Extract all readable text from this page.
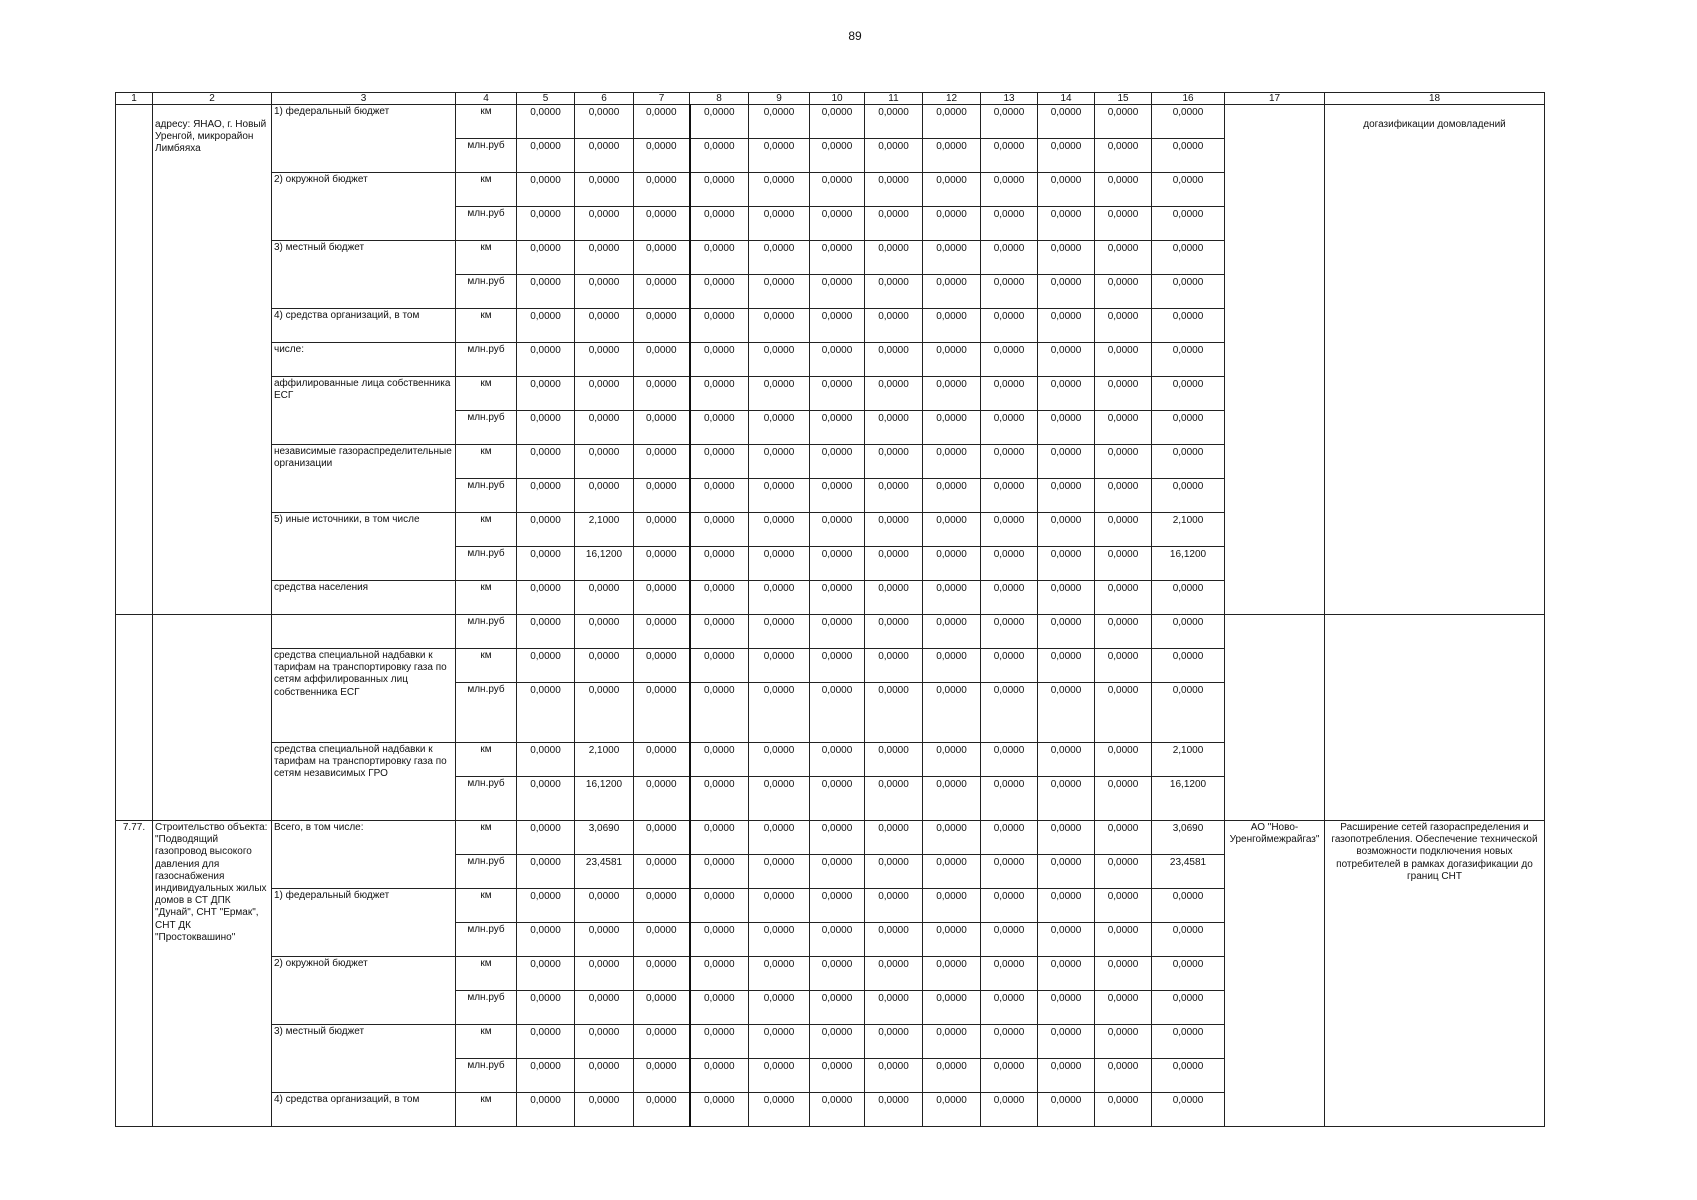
89
1	2	3	4	5	6	7	8	9	10	11	12	13	14	15	16	17	18
	адресу: ЯНАО, г. Новый Уренгой, микрорайон Лимбяяха	1) федеральный бюджет	км	0,0000	0,0000	0,0000	0,0000	0,0000	0,0000	0,0000	0,0000	0,0000	0,0000	0,0000	0,0000		догазификации домовладений
			млн.руб	0,0000	0,0000	0,0000	0,0000	0,0000	0,0000	0,0000	0,0000	0,0000	0,0000	0,0000	0,0000		
		2) окружной бюджет	км	0,0000	0,0000	0,0000	0,0000	0,0000	0,0000	0,0000	0,0000	0,0000	0,0000	0,0000	0,0000		
			млн.руб	0,0000	0,0000	0,0000	0,0000	0,0000	0,0000	0,0000	0,0000	0,0000	0,0000	0,0000	0,0000		
		3) местный бюджет	км	0,0000	0,0000	0,0000	0,0000	0,0000	0,0000	0,0000	0,0000	0,0000	0,0000	0,0000	0,0000		
			млн.руб	0,0000	0,0000	0,0000	0,0000	0,0000	0,0000	0,0000	0,0000	0,0000	0,0000	0,0000	0,0000		
		4) средства организаций, в том	км	0,0000	0,0000	0,0000	0,0000	0,0000	0,0000	0,0000	0,0000	0,0000	0,0000	0,0000	0,0000		
		числе:	млн.руб	0,0000	0,0000	0,0000	0,0000	0,0000	0,0000	0,0000	0,0000	0,0000	0,0000	0,0000	0,0000		
		аффилированные лица собственника ЕСГ	км	0,0000	0,0000	0,0000	0,0000	0,0000	0,0000	0,0000	0,0000	0,0000	0,0000	0,0000	0,0000		
			млн.руб	0,0000	0,0000	0,0000	0,0000	0,0000	0,0000	0,0000	0,0000	0,0000	0,0000	0,0000	0,0000		
		независимые газораспределительные организации	км	0,0000	0,0000	0,0000	0,0000	0,0000	0,0000	0,0000	0,0000	0,0000	0,0000	0,0000	0,0000		
			млн.руб	0,0000	0,0000	0,0000	0,0000	0,0000	0,0000	0,0000	0,0000	0,0000	0,0000	0,0000	0,0000		
		5) иные источники, в том числе	км	0,0000	2,1000	0,0000	0,0000	0,0000	0,0000	0,0000	0,0000	0,0000	0,0000	0,0000	2,1000		
			млн.руб	0,0000	16,1200	0,0000	0,0000	0,0000	0,0000	0,0000	0,0000	0,0000	0,0000	0,0000	16,1200		
		средства населения	км	0,0000	0,0000	0,0000	0,0000	0,0000	0,0000	0,0000	0,0000	0,0000	0,0000	0,0000	0,0000		
			млн.руб	0,0000	0,0000	0,0000	0,0000	0,0000	0,0000	0,0000	0,0000	0,0000	0,0000	0,0000	0,0000		
		средства специальной надбавки к тарифам на транспортировку газа по сетям аффилированных лиц собственника ЕСГ	км	0,0000	0,0000	0,0000	0,0000	0,0000	0,0000	0,0000	0,0000	0,0000	0,0000	0,0000	0,0000		
			млн.руб	0,0000	0,0000	0,0000	0,0000	0,0000	0,0000	0,0000	0,0000	0,0000	0,0000	0,0000	0,0000		
		средства специальной надбавки к тарифам на транспортировку газа по сетям независимых ГРО	км	0,0000	2,1000	0,0000	0,0000	0,0000	0,0000	0,0000	0,0000	0,0000	0,0000	0,0000	2,1000		
			млн.руб	0,0000	16,1200	0,0000	0,0000	0,0000	0,0000	0,0000	0,0000	0,0000	0,0000	0,0000	16,1200		
7.77.	Строительство объекта: "Подводящий газопровод высокого давления для газоснабжения индивидуальных жилых домов в СТ ДПК "Дунай", СНТ "Ермак", СНТ ДК "Простоквашино"	Всего, в том числе:	км	0,0000	3,0690	0,0000	0,0000	0,0000	0,0000	0,0000	0,0000	0,0000	0,0000	0,0000	3,0690	АО "Ново-Уренгоймежрайгаз"	Расширение сетей газораспределения и газопотребления. Обеспечение технической возможности подключения новых потребителей в рамках догазификации до границ СНТ
			млн.руб	0,0000	23,4581	0,0000	0,0000	0,0000	0,0000	0,0000	0,0000	0,0000	0,0000	0,0000	23,4581		
		1) федеральный бюджет	км	0,0000	0,0000	0,0000	0,0000	0,0000	0,0000	0,0000	0,0000	0,0000	0,0000	0,0000	0,0000		
			млн.руб	0,0000	0,0000	0,0000	0,0000	0,0000	0,0000	0,0000	0,0000	0,0000	0,0000	0,0000	0,0000		
		2) окружной бюджет	км	0,0000	0,0000	0,0000	0,0000	0,0000	0,0000	0,0000	0,0000	0,0000	0,0000	0,0000	0,0000		
			млн.руб	0,0000	0,0000	0,0000	0,0000	0,0000	0,0000	0,0000	0,0000	0,0000	0,0000	0,0000	0,0000		
		3) местный бюджет	км	0,0000	0,0000	0,0000	0,0000	0,0000	0,0000	0,0000	0,0000	0,0000	0,0000	0,0000	0,0000		
			млн.руб	0,0000	0,0000	0,0000	0,0000	0,0000	0,0000	0,0000	0,0000	0,0000	0,0000	0,0000	0,0000		
		4) средства организаций, в том	км	0,0000	0,0000	0,0000	0,0000	0,0000	0,0000	0,0000	0,0000	0,0000	0,0000	0,0000	0,0000		
